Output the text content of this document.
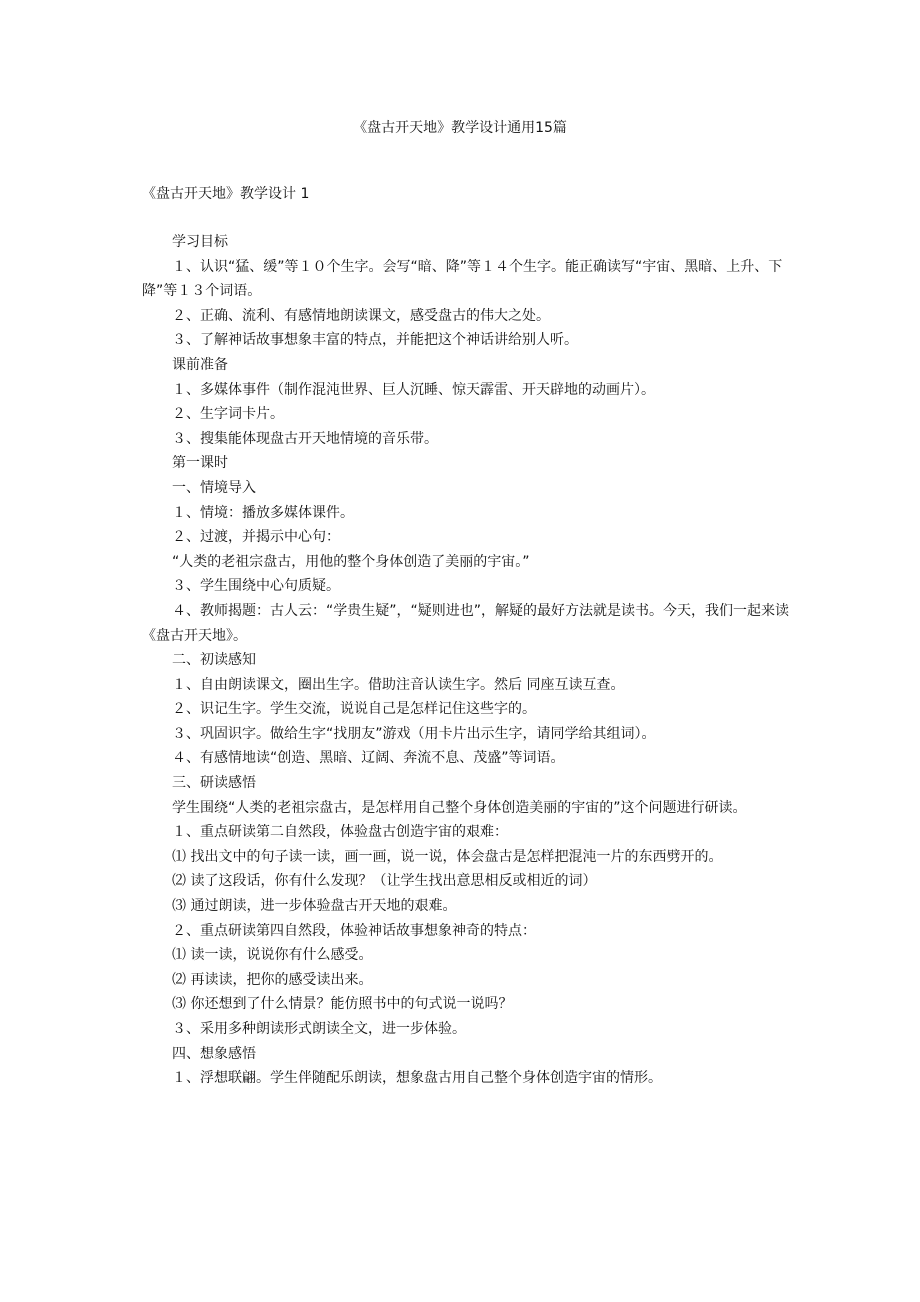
《盘古开天地》教学设计通用15篇
《盘古开天地》教学设计 1

学习目标

１、认识“猛、缓”等１０个生字。会写“暗、降”等１４个生字。能正确读写“宇宙、黑暗、上升、下降”等１３个词语。

２、正确、流利、有感情地朗读课文，感受盘古的伟大之处。

３、了解神话故事想象丰富的特点，并能把这个神话讲给别人听。

课前准备

１、多媒体事件（制作混沌世界、巨人沉睡、惊天霹雷、开天辟地的动画片）。

２、生字词卡片。

３、搜集能体现盘古开天地情境的音乐带。

第一课时

一、情境导入

１、情境：播放多媒体课件。

２、过渡，并揭示中心句：

“人类的老祖宗盘古，用他的整个身体创造了美丽的宇宙。”

３、学生围绕中心句质疑。

４、教师揭题：古人云：“学贵生疑”，“疑则进也”，解疑的最好方法就是读书。今天，我们一起来读《盘古开天地》。

二、初读感知

１、自由朗读课文，圈出生字。借助注音认读生字。然后 同座互读互查。

２、识记生字。学生交流，说说自己是怎样记住这些字的。

３、巩固识字。做给生字“找朋友”游戏（用卡片出示生字，请同学给其组词）。

４、有感情地读“创造、黑暗、辽阔、奔流不息、茂盛”等词语。

三、研读感悟

学生围绕“人类的老祖宗盘古，是怎样用自己整个身体创造美丽的宇宙的”这个问题进行研读。

１、重点研读第二自然段，体验盘古创造宇宙的艰难：

⑴ 找出文中的句子读一读，画一画，说一说，体会盘古是怎样把混沌一片的东西劈开的。

⑵ 读了这段话，你有什么发现？（让学生找出意思相反或相近的词）

⑶ 通过朗读，进一步体验盘古开天地的艰难。

２、重点研读第四自然段，体验神话故事想象神奇的特点：

⑴ 读一读，说说你有什么感受。

⑵ 再读读，把你的感受读出来。

⑶ 你还想到了什么情景？能仿照书中的句式说一说吗？

３、采用多种朗读形式朗读全文，进一步体验。

四、想象感悟

１、浮想联翩。学生伴随配乐朗读，想象盘古用自己整个身体创造宇宙的情形。
